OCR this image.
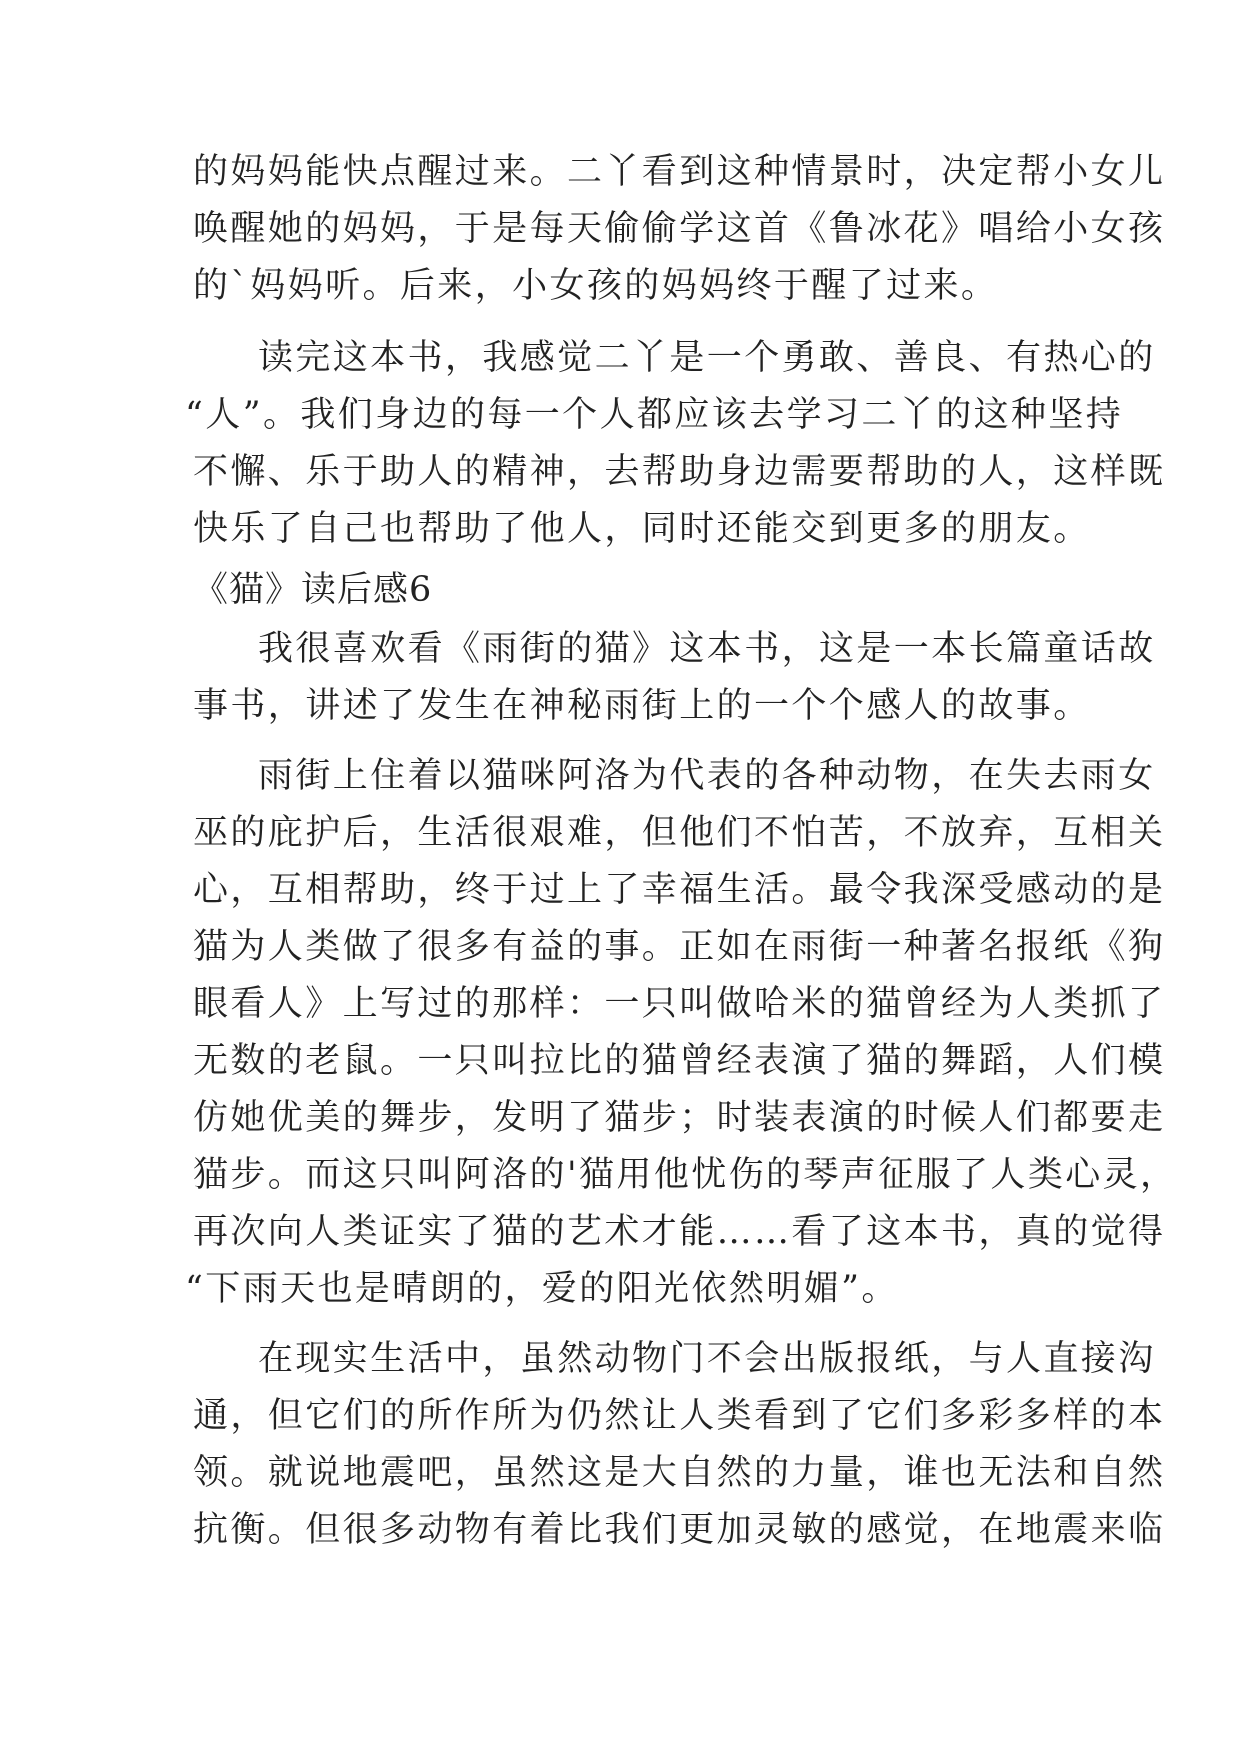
的妈妈能快点醒过来。二丫看到这种情景时，决定帮小女儿
唤醒她的妈妈，于是每天偷偷学这首《鲁冰花》唱给小女孩
的`妈妈听。后来，小女孩的妈妈终于醒了过来。
读完这本书，我感觉二丫是一个勇敢、善良、有热心的
“人”。我们身边的每一个人都应该去学习二丫的这种坚持
不懈、乐于助人的精神，去帮助身边需要帮助的人，这样既
快乐了自己也帮助了他人，同时还能交到更多的朋友。
《猫》读后感6
我很喜欢看《雨街的猫》这本书，这是一本长篇童话故
事书，讲述了发生在神秘雨街上的一个个感人的故事。
雨街上住着以猫咪阿洛为代表的各种动物，在失去雨女
巫的庇护后，生活很艰难，但他们不怕苦，不放弃，互相关
心，互相帮助，终于过上了幸福生活。最令我深受感动的是
猫为人类做了很多有益的事。正如在雨街一种著名报纸《狗
眼看人》上写过的那样：一只叫做哈米的猫曾经为人类抓了
无数的老鼠。一只叫拉比的猫曾经表演了猫的舞蹈，人们模
仿她优美的舞步，发明了猫步；时装表演的时候人们都要走
猫步。而这只叫阿洛的'猫用他忧伤的琴声征服了人类心灵，
再次向人类证实了猫的艺术才能……看了这本书，真的觉得
“下雨天也是晴朗的，爱的阳光依然明媚”。
在现实生活中，虽然动物门不会出版报纸，与人直接沟
通，但它们的所作所为仍然让人类看到了它们多彩多样的本
领。就说地震吧，虽然这是大自然的力量，谁也无法和自然
抗衡。但很多动物有着比我们更加灵敏的感觉，在地震来临
